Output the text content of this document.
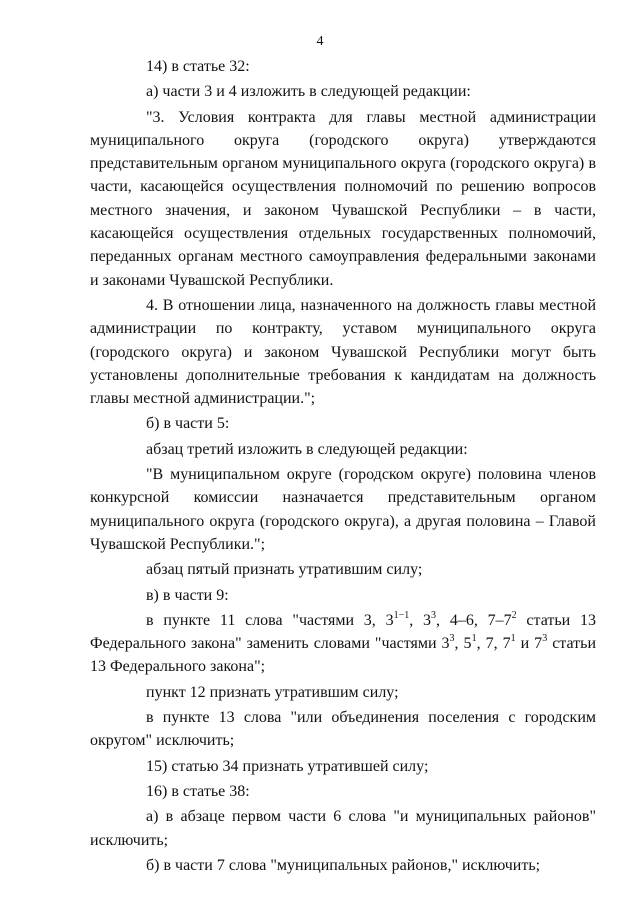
4

14) в статье 32:

а) части 3 и 4 изложить в следующей редакции:

"3. Условия контракта для главы местной администрации муниципального округа (городского округа) утверждаются представительным органом муниципального округа (городского округа) в части, касающейся осуществления полномочий по решению вопросов местного значения, и законом Чувашской Республики – в части, касающейся осуществления отдельных государственных полномочий, переданных органам местного самоуправления федеральными законами и законами Чувашской Республики.

4. В отношении лица, назначенного на должность главы местной администрации по контракту, уставом муниципального округа (городского округа) и законом Чувашской Республики могут быть установлены дополнительные требования к кандидатам на должность главы местной администрации.";

б) в части 5:

абзац третий изложить в следующей редакции:

"В муниципальном округе (городском округе) половина членов конкурсной комиссии назначается представительным органом муниципального округа (городского округа), а другая половина – Главой Чувашской Республики.";

абзац пятый признать утратившим силу;

в) в части 9:

в пункте 11 слова "частями 3, $3^{1-1}$, $3^3$, 4–6, $7-7^2$ статьи 13 Федерального закона" заменить словами "частями $3^3$, $5^1$, 7, $7^1$ и $7^3$ статьи 13 Федерального закона";

пункт 12 признать утратившим силу;

в пункте 13 слова "или объединения поселения с городским округом" исключить;

15) статью 34 признать утратившей силу;

16) в статье 38:

а) в абзаце первом части 6 слова "и муниципальных районов" исключить;

б) в части 7 слова "муниципальных районов," исключить;
